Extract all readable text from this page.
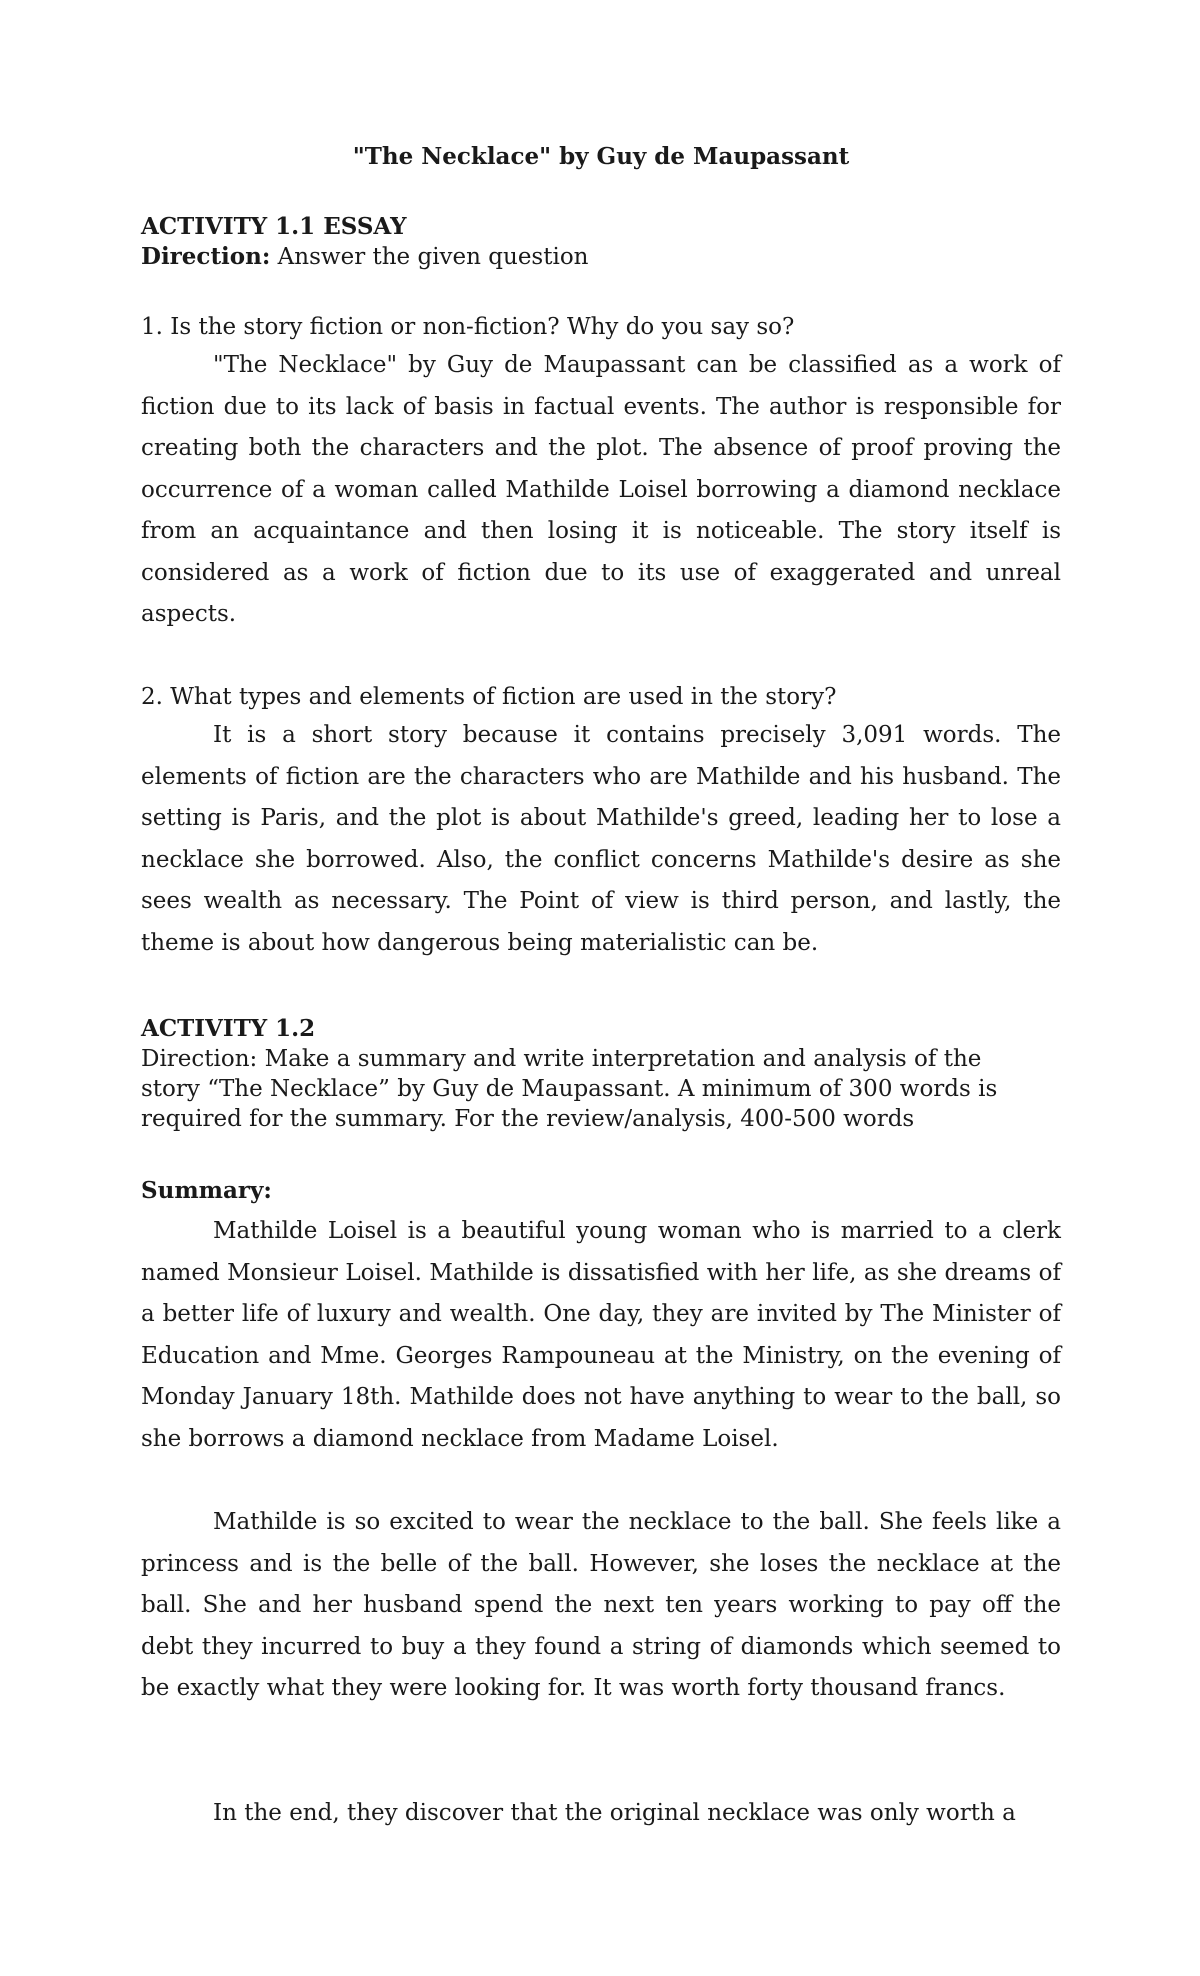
"The Necklace" by Guy de Maupassant

ACTIVITY 1.1 ESSAY

Direction: Answer the given question

1. Is the story fiction or non-fiction? Why do you say so?

"The Necklace" by Guy de Maupassant can be classified as a work of fiction due to its lack of basis in factual events. The author is responsible for creating both the characters and the plot. The absence of proof proving the occurrence of a woman called Mathilde Loisel borrowing a diamond necklace from an acquaintance and then losing it is noticeable. The story itself is considered as a work of fiction due to its use of exaggerated and unreal aspects.

2. What types and elements of fiction are used in the story?

It is a short story because it contains precisely 3,091 words. The elements of fiction are the characters who are Mathilde and his husband. The setting is Paris, and the plot is about Mathilde's greed, leading her to lose a necklace she borrowed. Also, the conflict concerns Mathilde's desire as she sees wealth as necessary. The Point of view is third person, and lastly, the theme is about how dangerous being materialistic can be.

ACTIVITY 1.2

Direction: Make a summary and write interpretation and analysis of the

story “The Necklace” by Guy de Maupassant. A minimum of 300 words is

required for the summary. For the review/analysis, 400-500 words

Summary:

Mathilde Loisel is a beautiful young woman who is married to a clerk named Monsieur Loisel. Mathilde is dissatisfied with her life, as she dreams of a better life of luxury and wealth. One day, they are invited by The Minister of Education and Mme. Georges Rampouneau at the Ministry, on the evening of Monday January 18th. Mathilde does not have anything to wear to the ball, so she borrows a diamond necklace from Madame Loisel.

Mathilde is so excited to wear the necklace to the ball. She feels like a princess and is the belle of the ball. However, she loses the necklace at the ball. She and her husband spend the next ten years working to pay off the debt they incurred to buy a they found a string of diamonds which seemed to be exactly what they were looking for. It was worth forty thousand francs.

In the end, they discover that the original necklace was only worth a
